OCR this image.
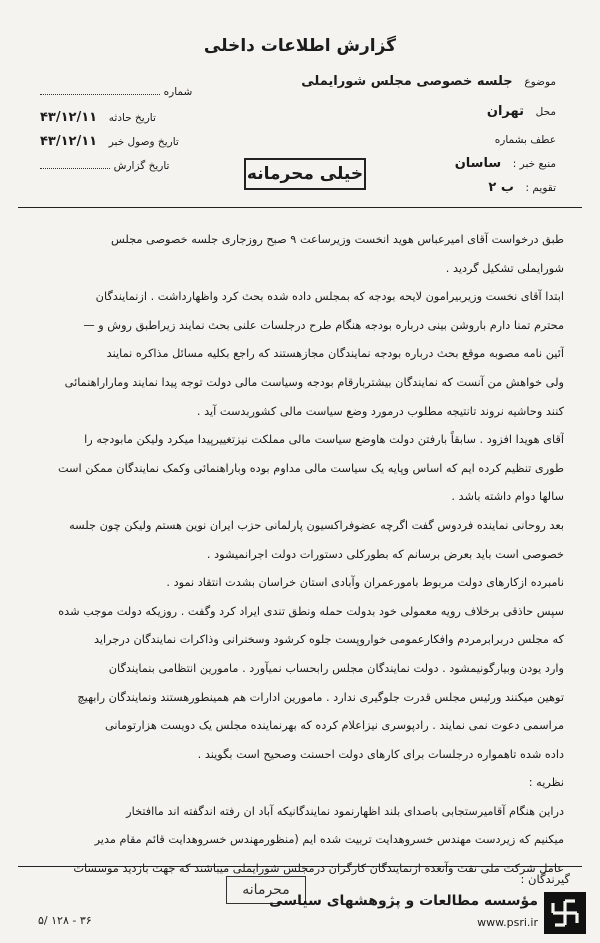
گزارش اطلاعات داخلی
موضوع جلسه خصوصی مجلس شورایملی
محل تهران
عطف بشماره
منبع خبر : ساسان
تقویم : ب ۲
شماره
تاریخ حادثه ۴۳/۱۲/۱۱
تاریخ وصول خبر ۴۳/۱۲/۱۱
تاریخ گزارش	خیلی محرمانه
طبق درخواست آقای امیرعباس هوید انخست وزیرساعت ۹ صبح روزجاری جلسه خصوصی مجلس
شورایملی تشکیل گردید .
ابتدا آقای نخست وزیربیرامون لایحه بودجه که بمجلس داده شده بحث کرد واظهارداشت . ازنمایندگان
محترم تمنا دارم باروشن بینی درباره بودجه هنگام طرح درجلسات علنی بحث نمایند زیراطبق روش و —
آئین نامه مصوبه موقع بحث درباره بودجه نمایندگان مجازهستند که راجع بکلیه مسائل مذاکره نمایند
ولی خواهش من آنست که نمایندگان بیشتربارقام بودجه وسیاست مالی دولت توجه پیدا نمایند وماراراهنمائی
کنند وحاشیه نروند تانتیجه مطلوب درمورد وضع سیاست مالی کشوربدست آید .
آقای هویدا افزود . سابقاً بارفتن دولت هاوضع سیاست مالی مملکت نیزتغییرپیدا میکرد ولیکن مابودجه را
طوری تنظیم کرده ایم که اساس وپایه یک سیاست مالی مداوم بوده وباراهنمائی وکمک نمایندگان ممکن است
سالها دوام داشته باشد .
بعد روحانی نماینده فردوس گفت اگرچه عضوفراکسیون پارلمانی حزب ایران نوین هستم ولیکن چون جلسه
خصوصی است باید بعرض برسانم که بطورکلی دستورات دولت اجرانمیشود .
نامبرده ازکارهای دولت مربوط بامورعمران وآبادی استان خراسان بشدت انتقاد نمود .
سپس حاذقی برخلاف رویه معمولی خود بدولت حمله ونطق تندی ایراد کرد وگفت . روزیکه دولت موجب شده
که مجلس دربرابرمردم وافکارعمومی خواروپست جلوه کرشود وسخنرانی وذاکرات نمایندگان درجراید
وارد یودن وبیارگونیمشود . دولت نمایندگان مجلس رابحساب نمیآورد . مامورین انتظامی بنمایندگان
توهین میکنند ورئیس مجلس قدرت جلوگیری ندارد . مامورین ادارات هم همینطورهستند ونمایندگان رابهیچ
مراسمی دعوت نمی نمایند . رادپوسری نیزاعلام کرده که بهرنماینده مجلس یک دویست هزارتومانی
داده شده تاهمواره درجلسات برای کارهای دولت احسنت وصحیح است بگویند .
نظریه :
دراین هنگام آقامیرستجابی باصدای بلند اظهارنمود نمایندگانیکه آباد ان رفته اندگفته اند ماافتخار
میکنیم که زیردست مهندس خسروهدایت تربیت شده ایم (منظورمهندس خسروهدایت قائم مقام مدیر
عامل شرکت ملی نفت وآنعده ازنمایندگان کارگران درمجلس شورایملی میباشند که جهت بازدید موسسات
گیرندگان :
محرمانه
۳۶ - ۱۲۸ /۵
مؤسسه مطالعات و پژوهشهای سیاسی
www.psri.ir
